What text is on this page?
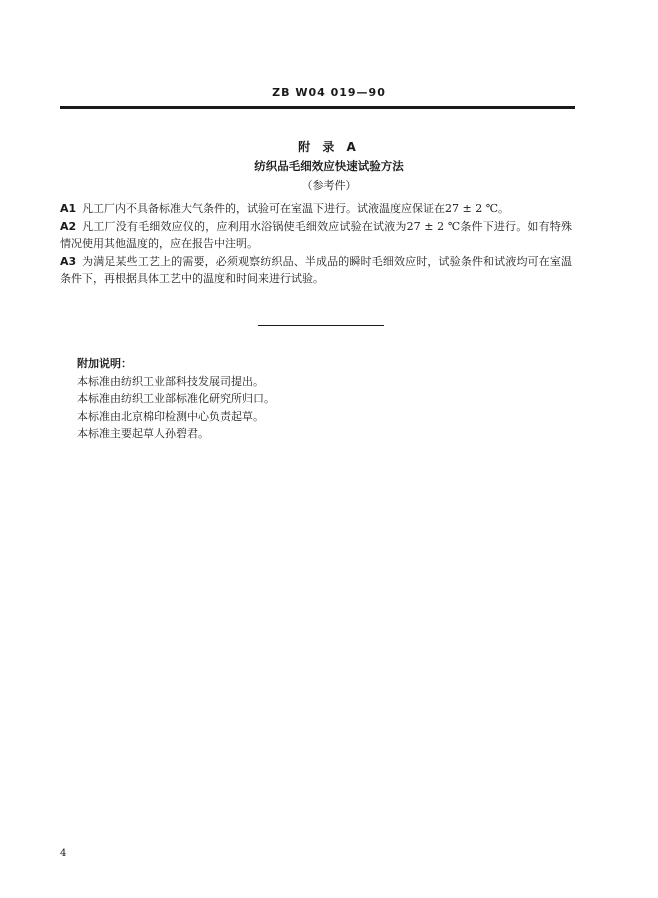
ZB W04 019—90
附 录 A
纺织品毛细效应快速试验方法
（参考件）

A1 凡工厂内不具备标准大气条件的，试验可在室温下进行。试液温度应保证在27 ± 2 ℃。

A2 凡工厂没有毛细效应仪的，应利用水浴锅使毛细效应试验在试液为27 ± 2 ℃条件下进行。如有特殊情况使用其他温度的，应在报告中注明。

A3 为满足某些工艺上的需要，必须观察纺织品、半成品的瞬时毛细效应时，试验条件和试液均可在室温条件下，再根据具体工艺中的温度和时间来进行试验。

附加说明：

本标准由纺织工业部科技发展司提出。

本标准由纺织工业部标准化研究所归口。

本标准由北京棉印检测中心负责起草。

本标准主要起草人孙碧君。

4
